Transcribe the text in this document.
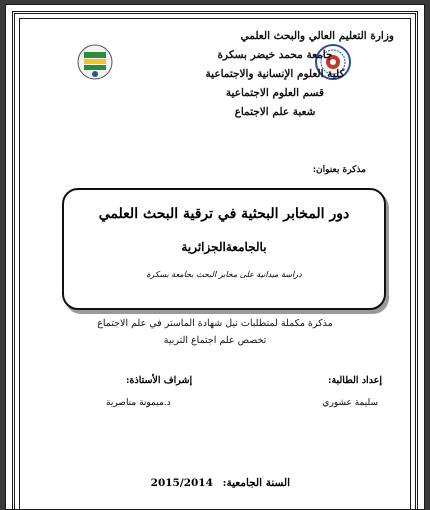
وزارة التعليم العالي والبحث العلمي
جامعة محمد خيضر بسكرة
كلية العلوم الإنسانية والاجتماعية
قسم العلوم الاجتماعية
شعبة علم الاجتماع
مذكرة بعنوان:
دور المخابر البحثية في ترقية البحث العلمي
بالجامعةالجزائرية
دراسة ميدانية على مخابر البحث بجامعة بسكرة
مذكرة مكملة لمتطلبات نيل شهادة الماستر في علم الاجتماع
تخصص علم اجتماع التربية
إعداد الطالبة:
سليمة عشوري
إشراف الأستاذة:
د.ميمونة مناصرية
السنة الجامعية: 2015/2014
